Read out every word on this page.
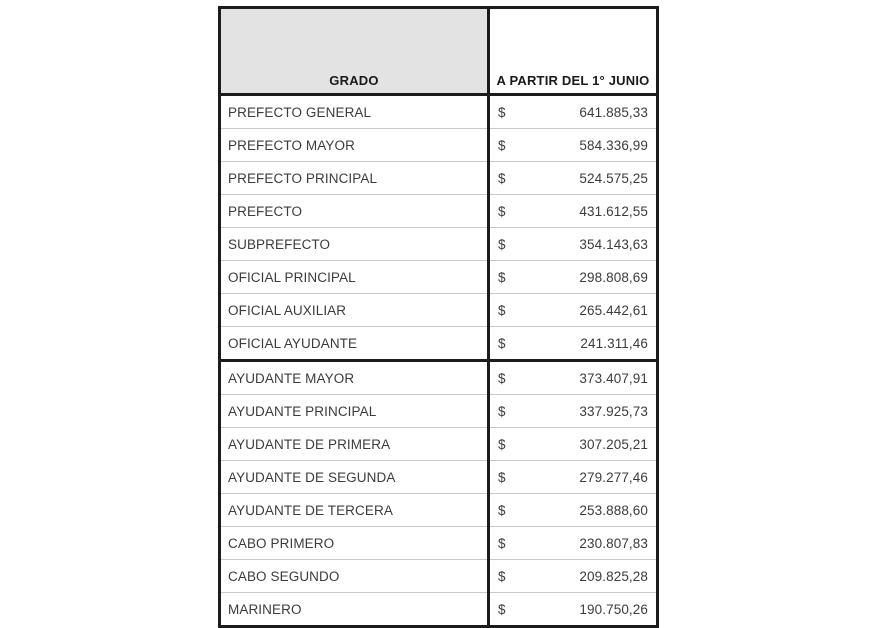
GRADO	A PARTIR DEL 1° JUNIO
PREFECTO GENERAL	$ 641.885,33

PREFECTO MAYOR	$ 584.336,99

PREFECTO PRINCIPAL	$ 524.575,25

PREFECTO	$ 431.612,55

SUBPREFECTO	$ 354.143,63

OFICIAL PRINCIPAL	$ 298.808,69

OFICIAL AUXILIAR	$ 265.442,61

OFICIAL AYUDANTE	$ 241.311,46

AYUDANTE MAYOR	$ 373.407,91

AYUDANTE PRINCIPAL	$ 337.925,73

AYUDANTE DE PRIMERA	$ 307.205,21

AYUDANTE DE SEGUNDA	$ 279.277,46

AYUDANTE DE TERCERA	$ 253.888,60

CABO PRIMERO	$ 230.807,83

CABO SEGUNDO	$ 209.825,28

MARINERO	$ 190.750,26
